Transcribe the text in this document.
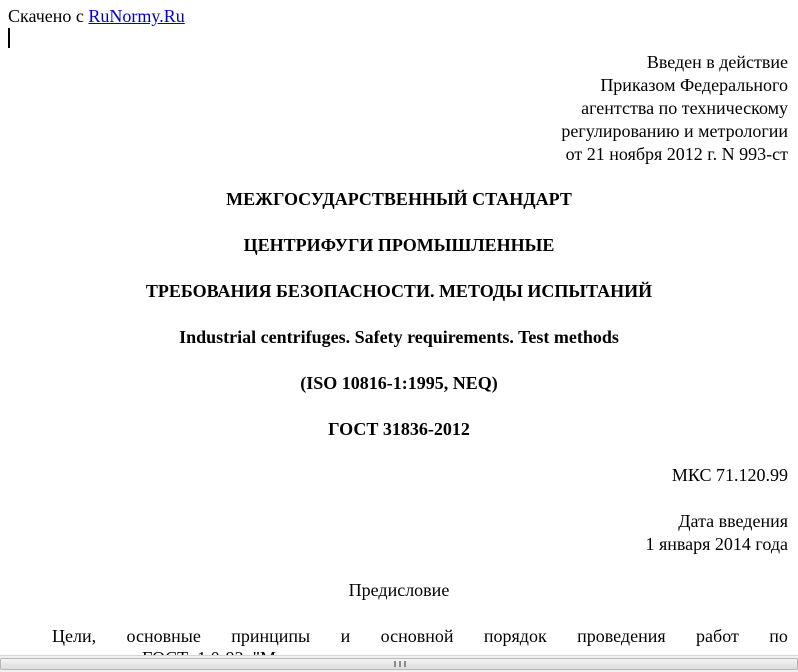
Скачено с RuNormy.Ru
Введен в действие
Приказом Федерального
агентства по техническому
регулированию и метрологии
от 21 ноября 2012 г. N 993-ст
МЕЖГОСУДАРСТВЕННЫЙ СТАНДАРТ
ЦЕНТРИФУГИ ПРОМЫШЛЕННЫЕ
ТРЕБОВАНИЯ БЕЗОПАСНОСТИ. МЕТОДЫ ИСПЫТАНИЙ
Industrial centrifuges. Safety requirements. Test methods
(ISO 10816-1:1995, NEQ)
ГОСТ 31836-2012
МКС 71.120.99
Дата введения
1 января 2014 года
Предисловие
Цели, основные принципы и основной порядок проведения работ по
